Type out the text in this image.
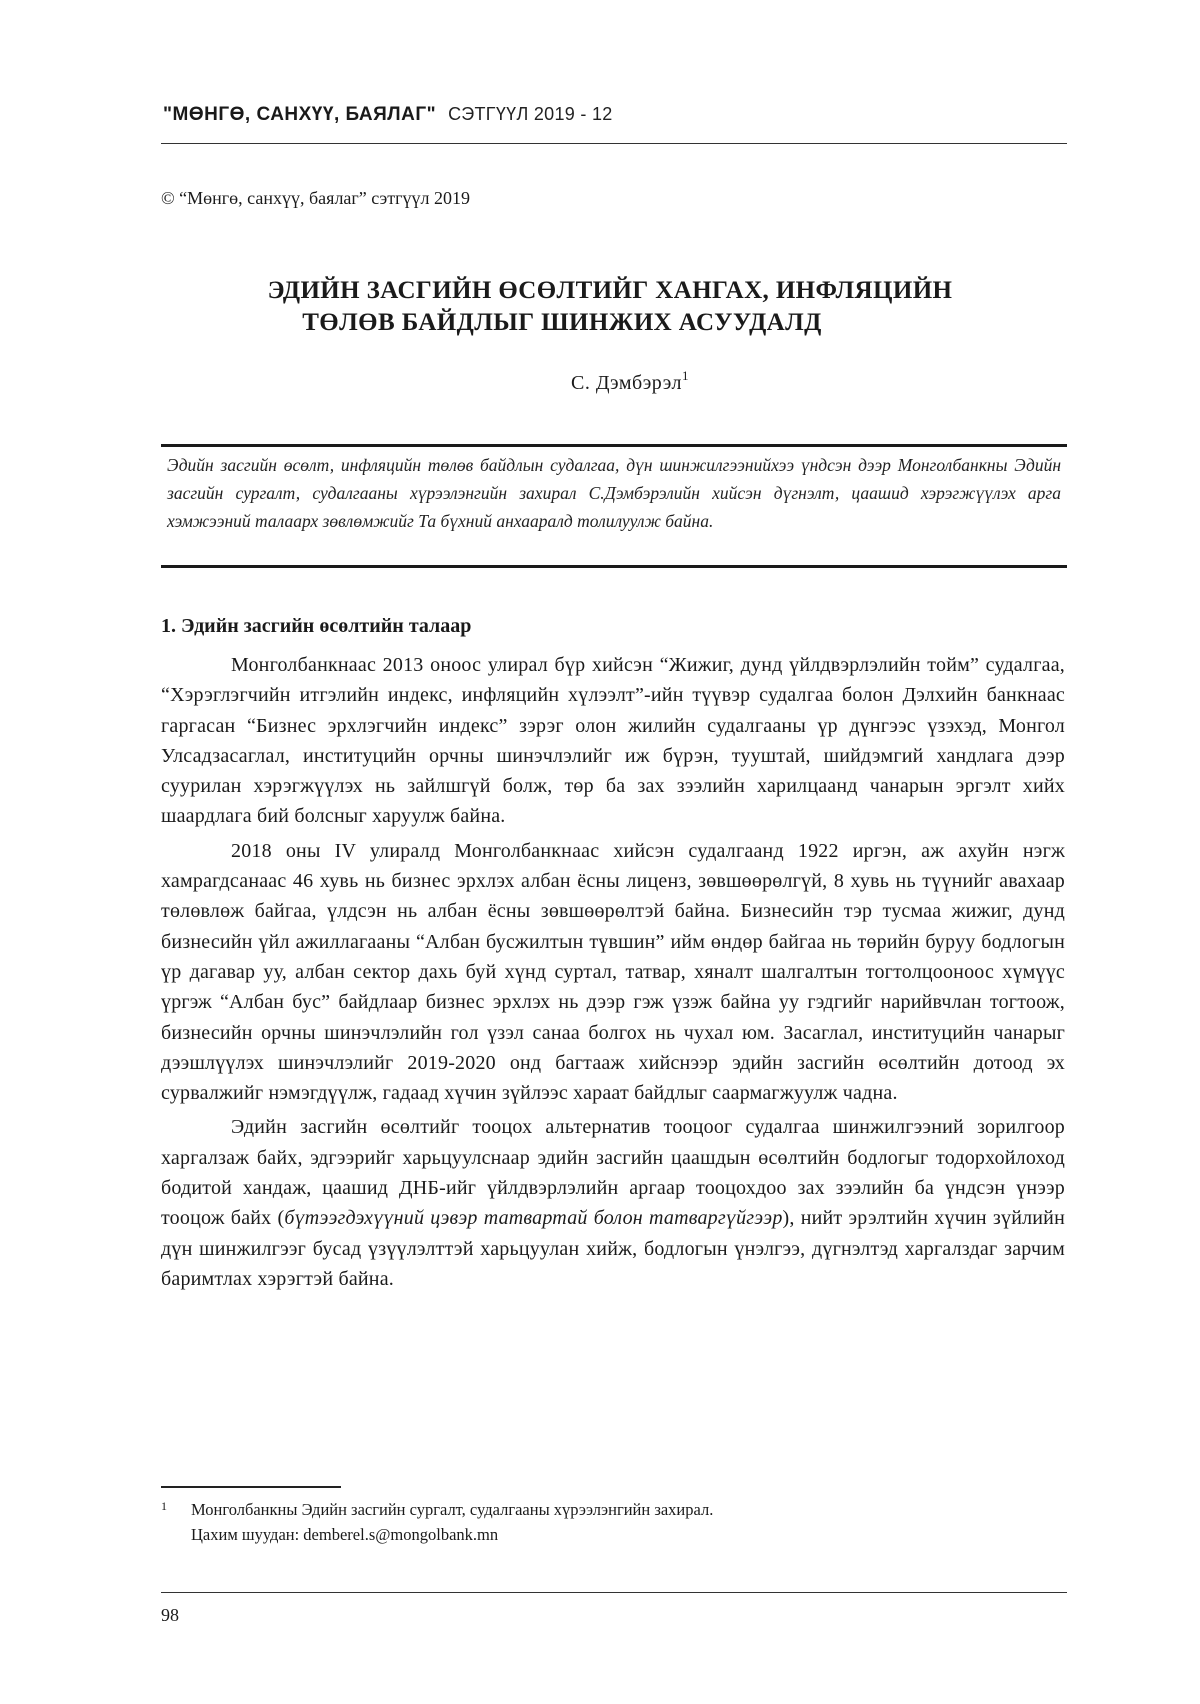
"МӨНГӨ, САНХҮҮ, БАЯЛАГ" СЭТГҮҮЛ 2019 - 12
© “Мөнгө, санхүү, баялаг” сэтгүүл 2019
ЭДИЙН ЗАСГИЙН ӨСӨЛТИЙГ ХАНГАХ, ИНФЛЯЦИЙН
ТӨЛӨВ БАЙДЛЫГ ШИНЖИХ АСУУДАЛД
С. Дэмбэрэл$^1$

Эдийн засгийн өсөлт, инфляцийн төлөв байдлын судалгаа, дүн шинжилгээнийхээ үндсэн дээр Монголбанкны Эдийн засгийн сургалт, судалгааны хүрээлэнгийн захирал С.Дэмбэрэлийн хийсэн дүгнэлт, цаашид хэрэгжүүлэх арга хэмжээний талаарх зөвлөмжийг Та бүхний анхааралд толилуулж байна.

1. Эдийн засгийн өсөлтийн талаар

Монголбанкнаас 2013 оноос улирал бүр хийсэн “Жижиг, дунд үйлдвэрлэлийн тойм” судалгаа, “Хэрэглэгчийн итгэлийн индекс, инфляцийн хүлээлт”-ийн түүвэр судалгаа болон Дэлхийн банкнаас гаргасан “Бизнес эрхлэгчийн индекс” зэрэг олон жилийн судалгааны үр дүнгээс үзэхэд, Монгол Улсадзасаглал, институцийн орчны шинэчлэлийг иж бүрэн, тууштай, шийдэмгий хандлага дээр суурилан хэрэгжүүлэх нь зайлшгүй болж, төр ба зах зээлийн харилцаанд чанарын эргэлт хийх шаардлага бий болсныг харуулж байна.

2018 оны IV улиралд Монголбанкнаас хийсэн судалгаанд 1922 иргэн, аж ахуйн нэгж хамрагдсанаас 46 хувь нь бизнес эрхлэх албан ёсны лиценз, зөвшөөрөлгүй, 8 хувь нь түүнийг авахаар төлөвлөж байгаа, үлдсэн нь албан ёсны зөвшөөрөлтэй байна. Бизнесийн тэр тусмаа жижиг, дунд бизнесийн үйл ажиллагааны “Албан бусжилтын түвшин” ийм өндөр байгаа нь төрийн буруу бодлогын үр дагавар уу, албан сектор дахь буй хүнд суртал, татвар, хяналт шалгалтын тогтолцооноос хүмүүс үргэж “Албан бус” байдлаар бизнес эрхлэх нь дээр гэж үзэж байна уу гэдгийг нарийвчлан тогтоож, бизнесийн орчны шинэчлэлийн гол үзэл санаа болгох нь чухал юм. Засаглал, институцийн чанарыг дээшлүүлэх шинэчлэлийг 2019-2020 онд багтааж хийснээр эдийн засгийн өсөлтийн дотоод эх сурвалжийг нэмэгдүүлж, гадаад хүчин зүйлээс хараат байдлыг саармагжуулж чадна.

Эдийн засгийн өсөлтийг тооцох альтернатив тооцоог судалгаа шинжилгээний зорилгоор харгалзаж байх, эдгээрийг харьцуулснаар эдийн засгийн цаашдын өсөлтийн бодлогыг тодорхойлоход бодитой хандаж, цаашид ДНБ-ийг үйлдвэрлэлийн аргаар тооцохдоо зах зээлийн ба үндсэн үнээр тооцож байх (бүтээгдэхүүний цэвэр татвартай болон татваргүйгээр), нийт эрэлтийн хүчин зүйлийн дүн шинжилгээг бусад үзүүлэлттэй харьцуулан хийж, бодлогын үнэлгээ, дүгнэлтэд харгалздаг зарчим баримтлах хэрэгтэй байна.

1	Монголбанкны Эдийн засгийн сургалт, судалгааны хүрээлэнгийн захирал.
Цахим шуудан: demberel.s@mongolbank.mn
98
